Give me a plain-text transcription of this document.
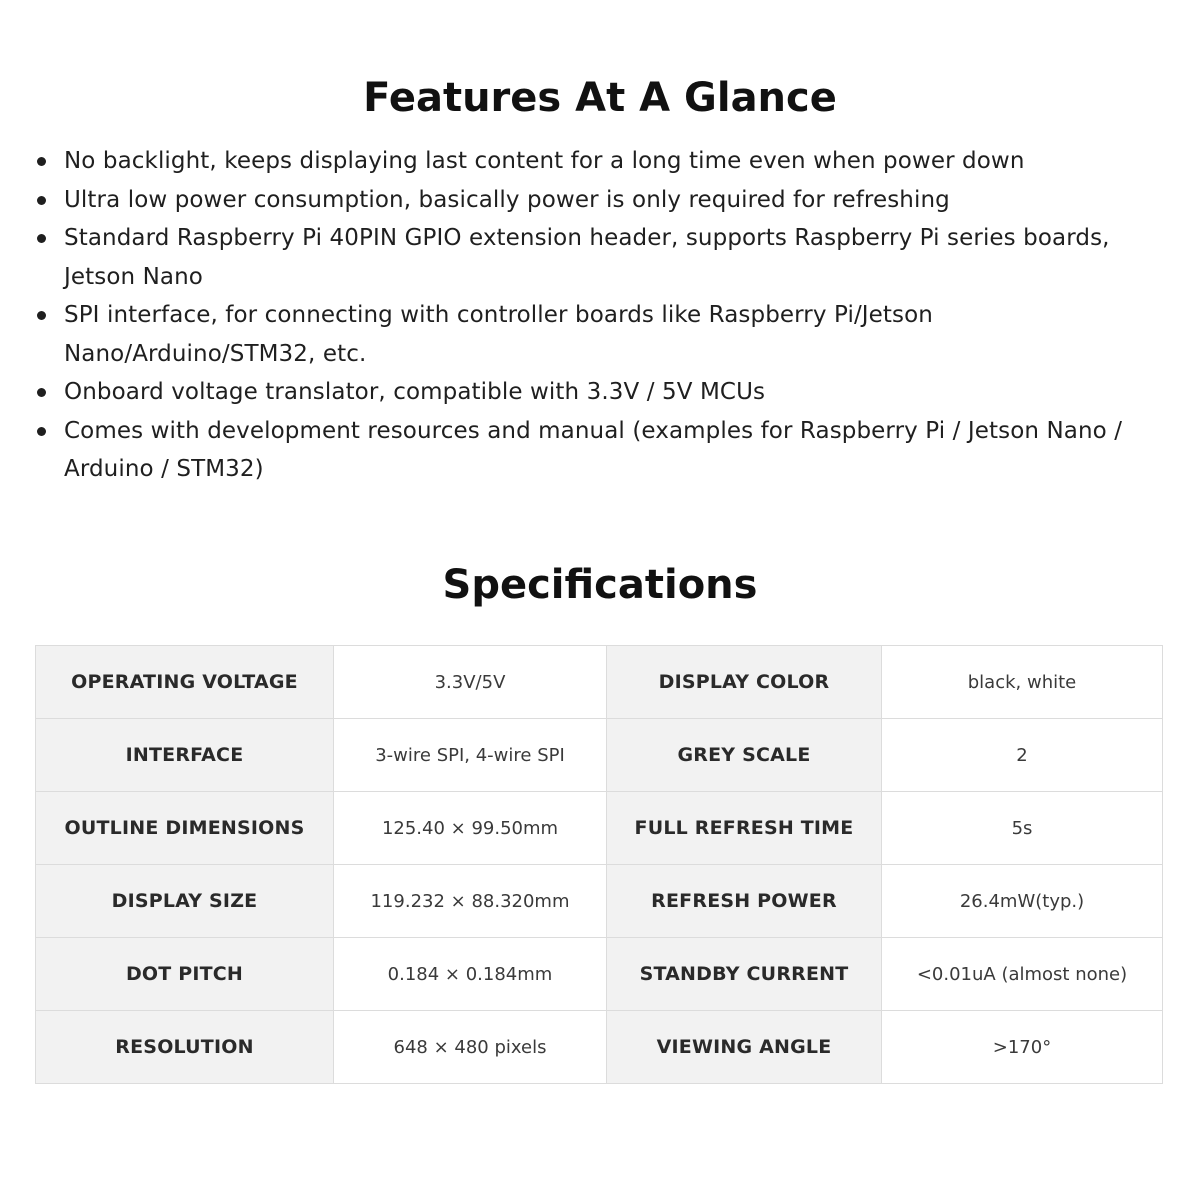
Features At A Glance
No backlight, keeps displaying last content for a long time even when power down
Ultra low power consumption, basically power is only required for refreshing
Standard Raspberry Pi 40PIN GPIO extension header, supports Raspberry Pi series boards, Jetson Nano
SPI interface, for connecting with controller boards like Raspberry Pi/Jetson Nano/Arduino/STM32, etc.
Onboard voltage translator, compatible with 3.3V / 5V MCUs
Comes with development resources and manual (examples for Raspberry Pi / Jetson Nano / Arduino / STM32)
Specifications
OPERATING VOLTAGE	3.3V/5V	DISPLAY COLOR	black, white
INTERFACE	3-wire SPI, 4-wire SPI	GREY SCALE	2
OUTLINE DIMENSIONS	125.40 × 99.50mm	FULL REFRESH TIME	5s
DISPLAY SIZE	119.232 × 88.320mm	REFRESH POWER	26.4mW(typ.)
DOT PITCH	0.184 × 0.184mm	STANDBY CURRENT	<0.01uA (almost none)
RESOLUTION	648 × 480 pixels	VIEWING ANGLE	>170°
